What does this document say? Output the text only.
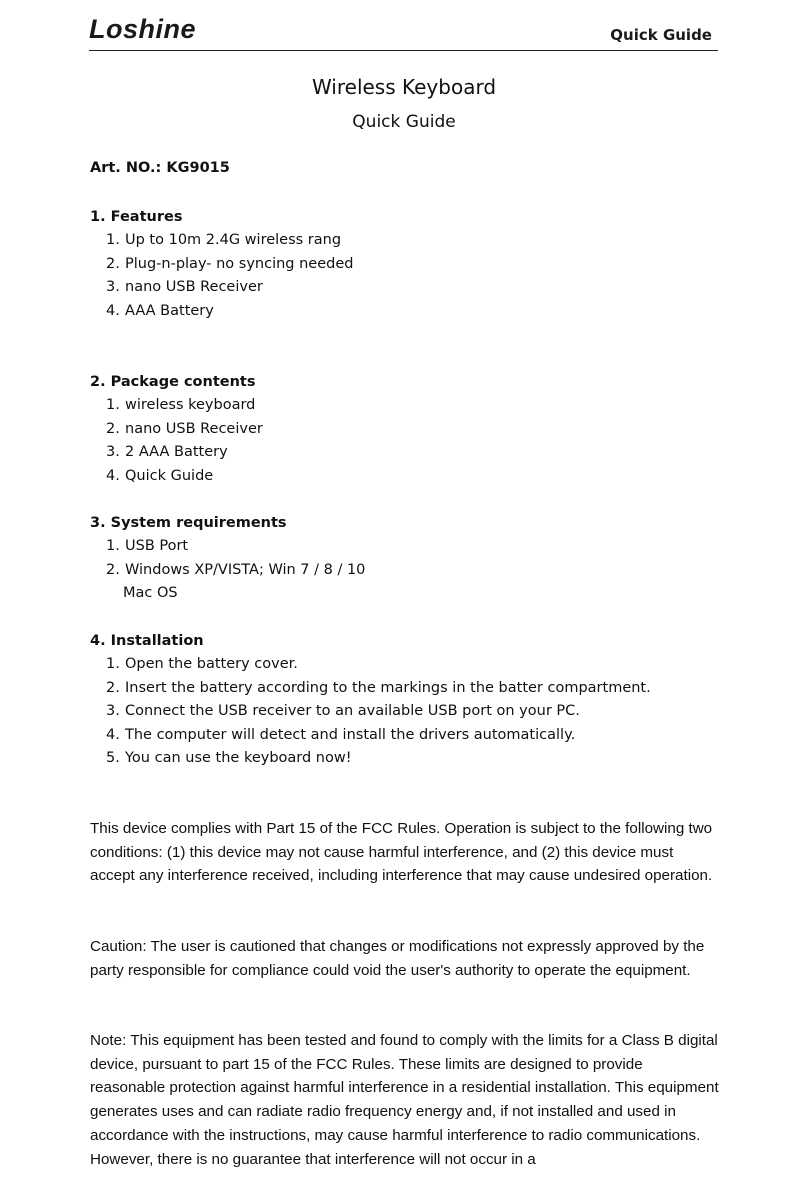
Loshine	Quick Guide
Wireless Keyboard
Quick Guide
Art. NO.: KG9015

1. Features

1. Up to 10m 2.4G wireless rang
2. Plug-n-play- no syncing needed
3. nano USB Receiver
4. AAA Battery

2. Package contents

1. wireless keyboard
2. nano USB Receiver
3. 2 AAA Battery
4. Quick Guide

3. System requirements

1. USB Port
2. Windows XP/VISTA; Win 7 / 8 / 10
Mac OS

4. Installation

1. Open the battery cover.
2. Insert the battery according to the markings in the batter compartment.
3. Connect the USB receiver to an available USB port on your PC.
4. The computer will detect and install the drivers automatically.
5. You can use the keyboard now!

This device complies with Part 15 of the FCC Rules. Operation is subject to the following two conditions: (1) this device may not cause harmful interference, and (2) this device must accept any interference received, including interference that may cause undesired operation.

Caution: The user is cautioned that changes or modifications not expressly approved by the party responsible for compliance could void the user's authority to operate the equipment.

Note: This equipment has been tested and found to comply with the limits for a Class B digital device, pursuant to part 15 of the FCC Rules. These limits are designed to provide reasonable protection against harmful interference in a residential installation. This equipment generates uses and can radiate radio frequency energy and, if not installed and used in accordance with the instructions, may cause harmful interference to radio communications. However, there is no guarantee that interference will not occur in a
